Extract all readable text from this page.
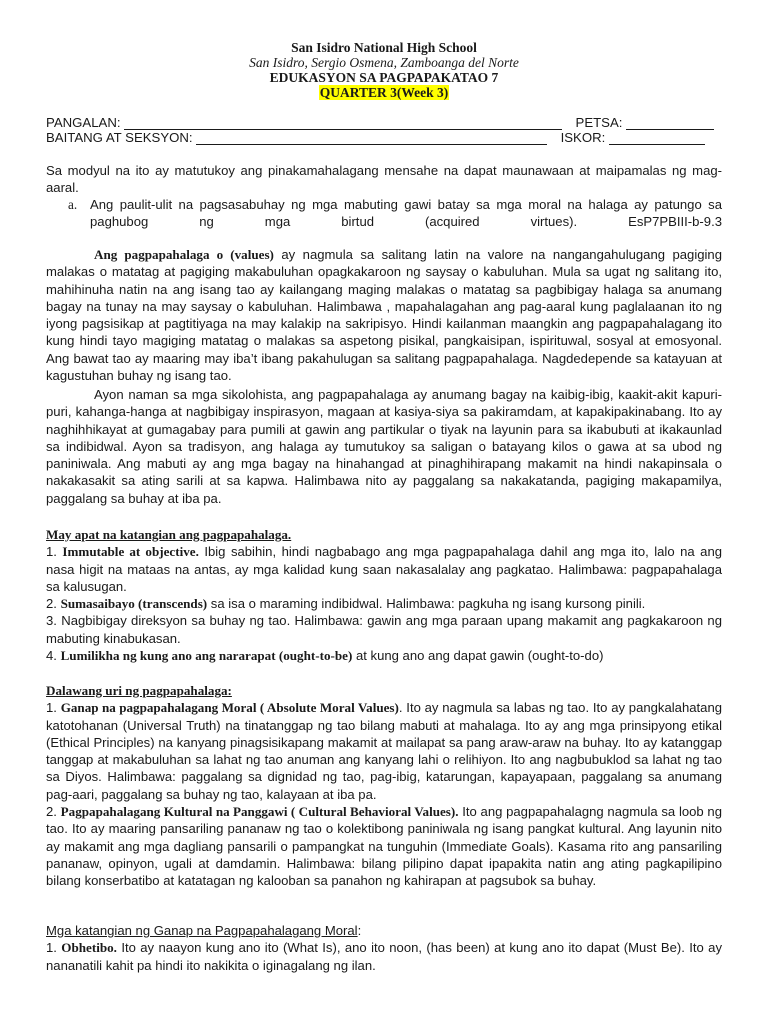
San Isidro National High School
San Isidro, Sergio Osmena, Zamboanga del Norte
EDUKASYON SA PAGPAPAKATAO 7
QUARTER 3(Week 3)
PANGALAN:	PETSA:
BAITANG AT SEKSYON:	ISKOR:

Sa modyul na ito ay matutukoy ang pinakamahalagang mensahe na dapat maunawaan at maipamalas ng mag-aaral.

a. Ang paulit-ulit na pagsasabuhay ng mga mabuting gawi batay sa mga moral na halaga ay patungo sa
paghubog ng mga birtud (acquired virtues). EsP7PBIII-b-9.3

Ang pagpapahalaga o (values) ay nagmula sa salitang latin na valore na nangangahulugang pagiging malakas o matatag at pagiging makabuluhan opagkakaroon ng saysay o kabuluhan. Mula sa ugat ng salitang ito, mahihinuha natin na ang isang tao ay kailangang maging malakas o matatag sa pagbibigay halaga sa anumang bagay na tunay na may saysay o kabuluhan. Halimbawa , mapahalagahan ang pag-aaral kung paglalaanan ito ng iyong pagsisikap at pagtitiyaga na may kalakip na sakripisyo. Hindi kailanman maangkin ang pagpapahalagang ito kung hindi tayo magiging matatag o malakas sa aspetong pisikal, pangkaisipan, ispirituwal, sosyal at emosyonal. Ang bawat tao ay maaring may iba’t ibang pakahulugan sa salitang pagpapahalaga. Nagdedepende sa katayuan at kagustuhan buhay ng isang tao.

Ayon naman sa mga sikolohista, ang pagpapahalaga ay anumang bagay na kaibig-ibig, kaakit-akit kapuri-puri, kahanga-hanga at nagbibigay inspirasyon, magaan at kasiya-siya sa pakiramdam, at kapakipakinabang. Ito ay naghihhikayat at gumagabay para pumili at gawin ang partikular o tiyak na layunin para sa ikabubuti at ikakaunlad sa indibidwal. Ayon sa tradisyon, ang halaga ay tumutukoy sa saligan o batayang kilos o gawa at sa ubod ng paniniwala. Ang mabuti ay ang mga bagay na hinahangad at pinaghihirapang makamit na hindi nakapinsala o nakakasakit sa ating sarili at sa kapwa. Halimbawa nito ay paggalang sa nakakatanda, pagiging makapamilya, paggalang sa buhay at iba pa.

May apat na katangian ang pagpapahalaga.

1. Immutable at objective. Ibig sabihin, hindi nagbabago ang mga pagpapahalaga dahil ang mga ito, lalo na ang nasa higit na mataas na antas, ay mga kalidad kung saan nakasalalay ang pagkatao. Halimbawa: pagpapahalaga sa kalusugan.

2. Sumasaibayo (transcends) sa isa o maraming indibidwal. Halimbawa: pagkuha ng isang kursong pinili.

3. Nagbibigay direksyon sa buhay ng tao. Halimbawa: gawin ang mga paraan upang makamit ang pagkakaroon ng mabuting kinabukasan.

4. Lumilikha ng kung ano ang nararapat (ought-to-be) at kung ano ang dapat gawin (ought-to-do)

Dalawang uri ng pagpapahalaga:

1. Ganap na pagpapahalagang Moral ( Absolute Moral Values). Ito ay nagmula sa labas ng tao. Ito ay pangkalahatang katotohanan (Universal Truth) na tinatanggap ng tao bilang mabuti at mahalaga. Ito ay ang mga prinsipyong etikal (Ethical Principles) na kanyang pinagsisikapang makamit at mailapat sa pang araw-araw na buhay. Ito ay katanggap tanggap at makabuluhan sa lahat ng tao anuman ang kanyang lahi o relihiyon. Ito ang nagbubuklod sa lahat ng tao sa Diyos. Halimbawa: paggalang sa dignidad ng tao, pag-ibig, katarungan, kapayapaan, paggalang sa anumang pag-aari, paggalang sa buhay ng tao, kalayaan at iba pa.

2. Pagpapahalagang Kultural na Panggawi ( Cultural Behavioral Values). Ito ang pagpapahalagng nagmula sa loob ng tao. Ito ay maaring pansariling pananaw ng tao o kolektibong paniniwala ng isang pangkat kultural. Ang layunin nito ay makamit ang mga dagliang pansarili o pampangkat na tunguhin (Immediate Goals). Kasama rito ang pansariling pananaw, opinyon, ugali at damdamin. Halimbawa: bilang pilipino dapat ipapakita natin ang ating pagkapilipino bilang konserbatibo at katatagan ng kalooban sa panahon ng kahirapan at pagsubok sa buhay.

Mga katangian ng Ganap na Pagpapahalagang Moral:

1. Obhetibo. Ito ay naayon kung ano ito (What Is), ano ito noon, (has been) at kung ano ito dapat (Must Be). Ito ay nananatili kahit pa hindi ito nakikita o iginagalang ng ilan.
